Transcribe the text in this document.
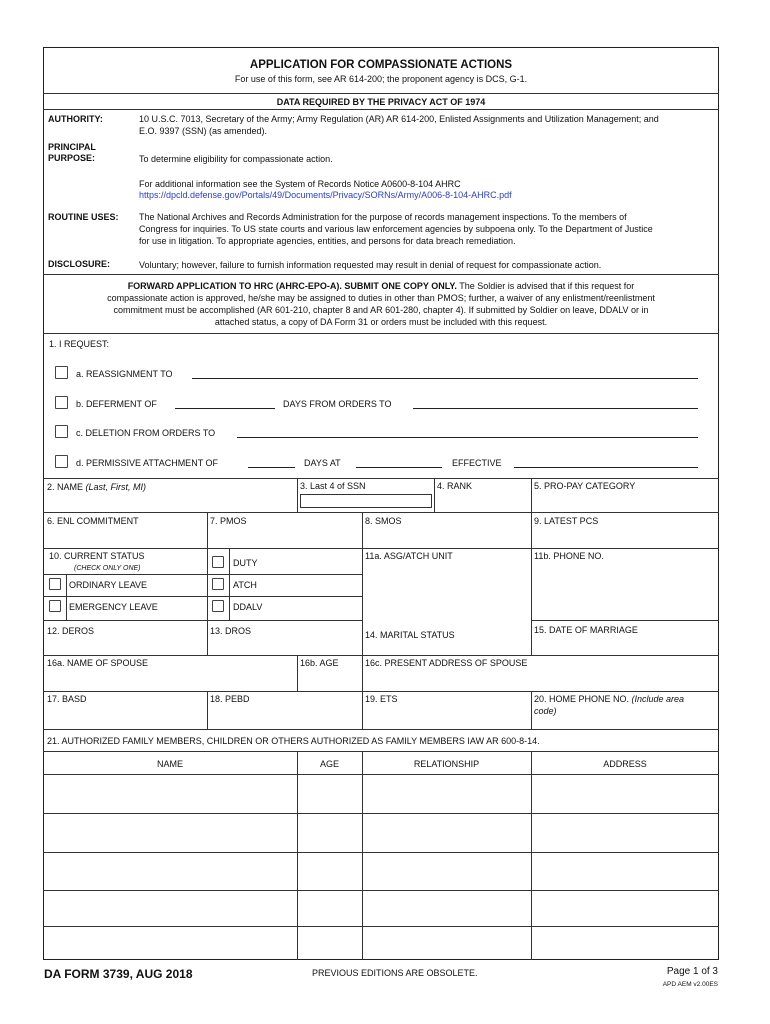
APPLICATION FOR COMPASSIONATE ACTIONS
For use of this form, see AR 614-200; the proponent agency is DCS, G-1.
DATA REQUIRED BY THE PRIVACY ACT OF 1974
AUTHORITY:	10 U.S.C. 7013, Secretary of the Army; Army Regulation (AR) AR 614-200, Enlisted Assignments and Utilization Management; and
E.O. 9397 (SSN) (as amended).
PRINCIPAL
PURPOSE:	To determine eligibility for compassionate action.
For additional information see the System of Records Notice A0600-8-104 AHRC
https://dpcld.defense.gov/Portals/49/Documents/Privacy/SORNs/Army/A006-8-104-AHRC.pdf
ROUTINE USES: The National Archives and Records Administration for the purpose of records management inspections. To the members of
Congress for inquiries. To US state courts and various law enforcement agencies by subpoena only. To the Department of Justice
for use in litigation. To appropriate agencies, entities, and persons for data breach remediation.
DISCLOSURE:	Voluntary; however, failure to furnish information requested may result in denial of request for compassionate action.
FORWARD APPLICATION TO HRC (AHRC-EPO-A). SUBMIT ONE COPY ONLY. The Soldier is advised that if this request for
compassionate action is approved, he/she may be assigned to duties in other than PMOS; further, a waiver of any enlistment/reenlistment
commitment must be accomplished (AR 601-210, chapter 8 and AR 601-280, chapter 4). If submitted by Soldier on leave, DDALV or in
attached status, a copy of DA Form 31 or orders must be included with this request.
1. I REQUEST:
a. REASSIGNMENT TO
b. DEFERMENT OF	DAYS FROM ORDERS TO
c. DELETION FROM ORDERS TO
d. PERMISSIVE ATTACHMENT OF	DAYS AT	EFFECTIVE
2. NAME (Last, First, MI)	3. Last 4 of SSN	4. RANK	5. PRO-PAY CATEGORY
6. ENL COMMITMENT	7. PMOS	8. SMOS	9. LATEST PCS
10. CURRENT STATUS
(CHECK ONLY ONE)
DUTY
ORDINARY LEAVE	ATCH
EMERGENCY LEAVE	DDALV
11a. ASG/ATCH UNIT	11b. PHONE NO.
12. DEROS	13. DROS	14. MARITAL STATUS	15. DATE OF MARRIAGE
16a. NAME OF SPOUSE	16b. AGE	16c. PRESENT ADDRESS OF SPOUSE
17. BASD	18. PEBD	19. ETS	20. HOME PHONE NO. (Include area
code)
21. AUTHORIZED FAMILY MEMBERS, CHILDREN OR OTHERS AUTHORIZED AS FAMILY MEMBERS IAW AR 600-8-14.
NAME	AGE	RELATIONSHIP	ADDRESS
DA FORM 3739, AUG 2018	PREVIOUS EDITIONS ARE OBSOLETE.	Page 1 of 3
APD AEM v2.00ES
